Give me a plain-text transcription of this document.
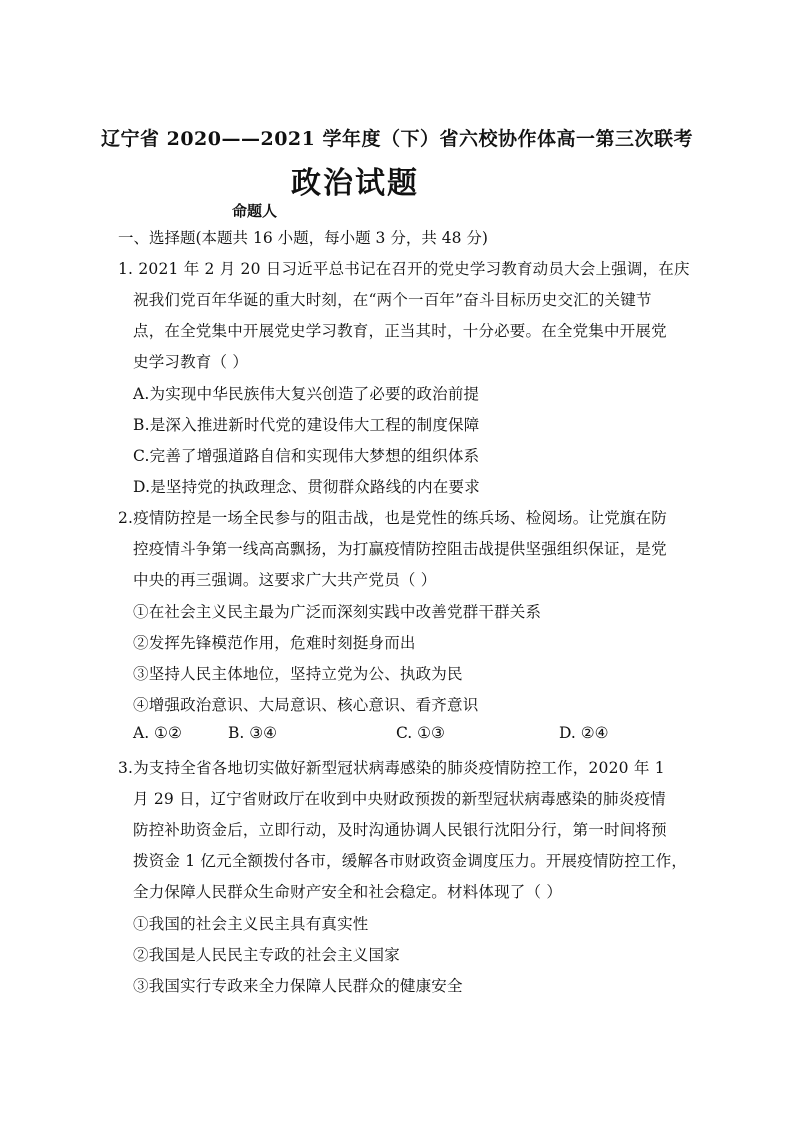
辽宁省 2020——2021 学年度（下）省六校协作体高一第三次联考
政治试题
命题人
一、选择题(本题共 16 小题，每小题 3 分，共 48 分)
1. 2021 年 2 月 20 日习近平总书记在召开的党史学习教育动员大会上强调，在庆
祝我们党百年华诞的重大时刻，在“两个一百年”奋斗目标历史交汇的关键节
点，在全党集中开展党史学习教育，正当其时，十分必要。在全党集中开展党
史学习教育（ ）
A.为实现中华民族伟大复兴创造了必要的政治前提
B.是深入推进新时代党的建设伟大工程的制度保障
C.完善了增强道路自信和实现伟大梦想的组织体系
D.是坚持党的执政理念、贯彻群众路线的内在要求
2.疫情防控是一场全民参与的阻击战，也是党性的练兵场、检阅场。让党旗在防
控疫情斗争第一线高高飘扬，为打赢疫情防控阻击战提供坚强组织保证，是党
中央的再三强调。这要求广大共产党员（ ）
①在社会主义民主最为广泛而深刻实践中改善党群干群关系
②发挥先锋模范作用，危难时刻挺身而出
③坚持人民主体地位，坚持立党为公、执政为民
④增强政治意识、大局意识、核心意识、看齐意识
A. ①②	B. ③④	C. ①③	D. ②④
3.为支持全省各地切实做好新型冠状病毒感染的肺炎疫情防控工作，2020 年 1
月 29 日，辽宁省财政厅在收到中央财政预拨的新型冠状病毒感染的肺炎疫情
防控补助资金后，立即行动，及时沟通协调人民银行沈阳分行，第一时间将预
拨资金 1 亿元全额拨付各市，缓解各市财政资金调度压力。开展疫情防控工作，
全力保障人民群众生命财产安全和社会稳定。材料体现了（ ）
①我国的社会主义民主具有真实性
②我国是人民民主专政的社会主义国家
③我国实行专政来全力保障人民群众的健康安全
